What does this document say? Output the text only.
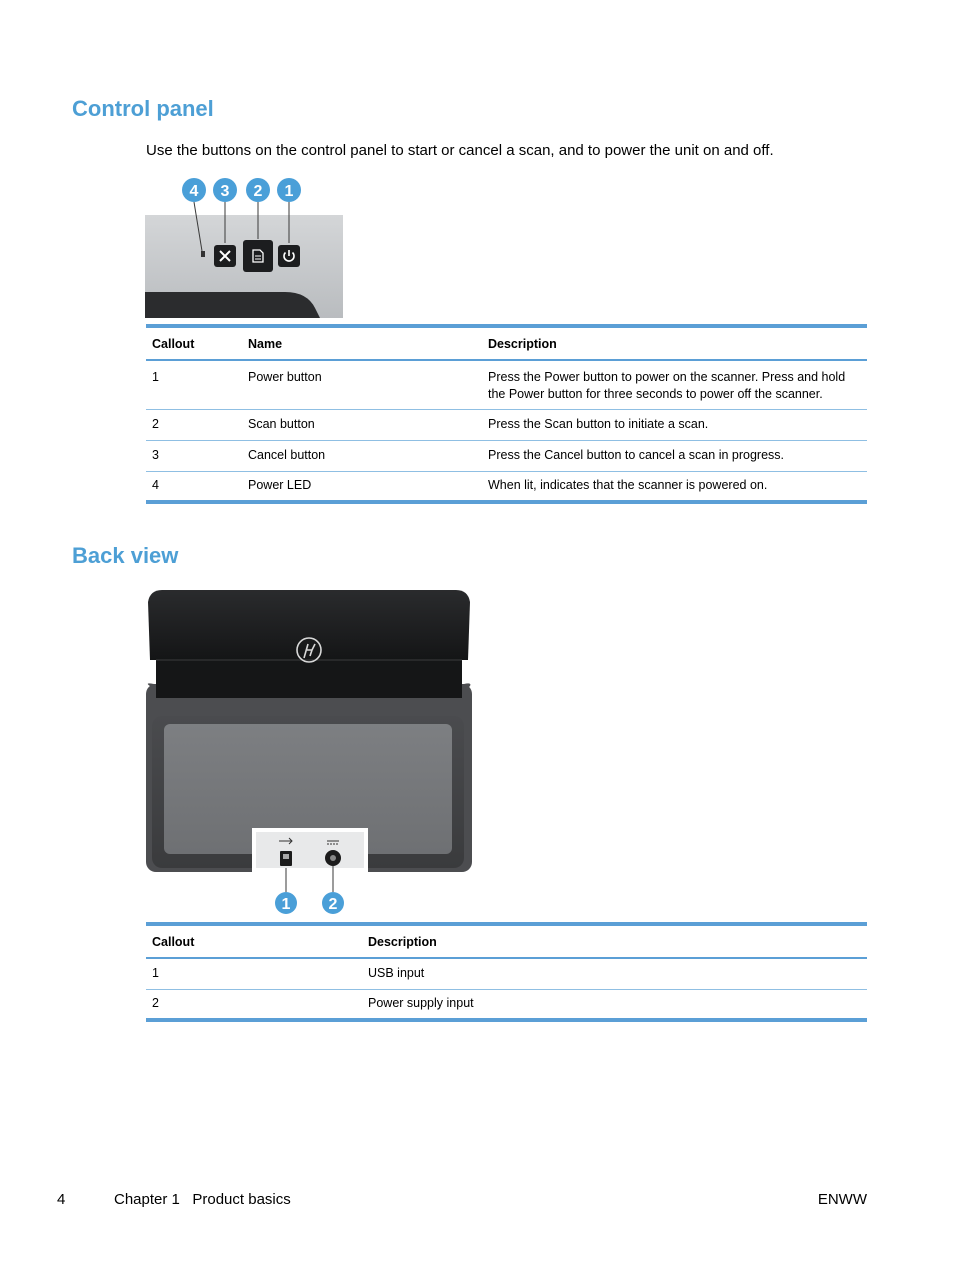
Control panel

Use the buttons on the control panel to start or cancel a scan, and to power the unit on and off.

4 3 2 1
Callout	Name	Description
1	Power button	Press the Power button to power on the scanner. Press and hold the Power button for three seconds to power off the scanner.
2	Scan button	Press the Scan button to initiate a scan.
3	Cancel button	Press the Cancel button to cancel a scan in progress.
4	Power LED	When lit, indicates that the scanner is powered on.
Back view
1 2
Callout	Description
1	USB input
2	Power supply input
4	Chapter 1   Product basics	ENWW
